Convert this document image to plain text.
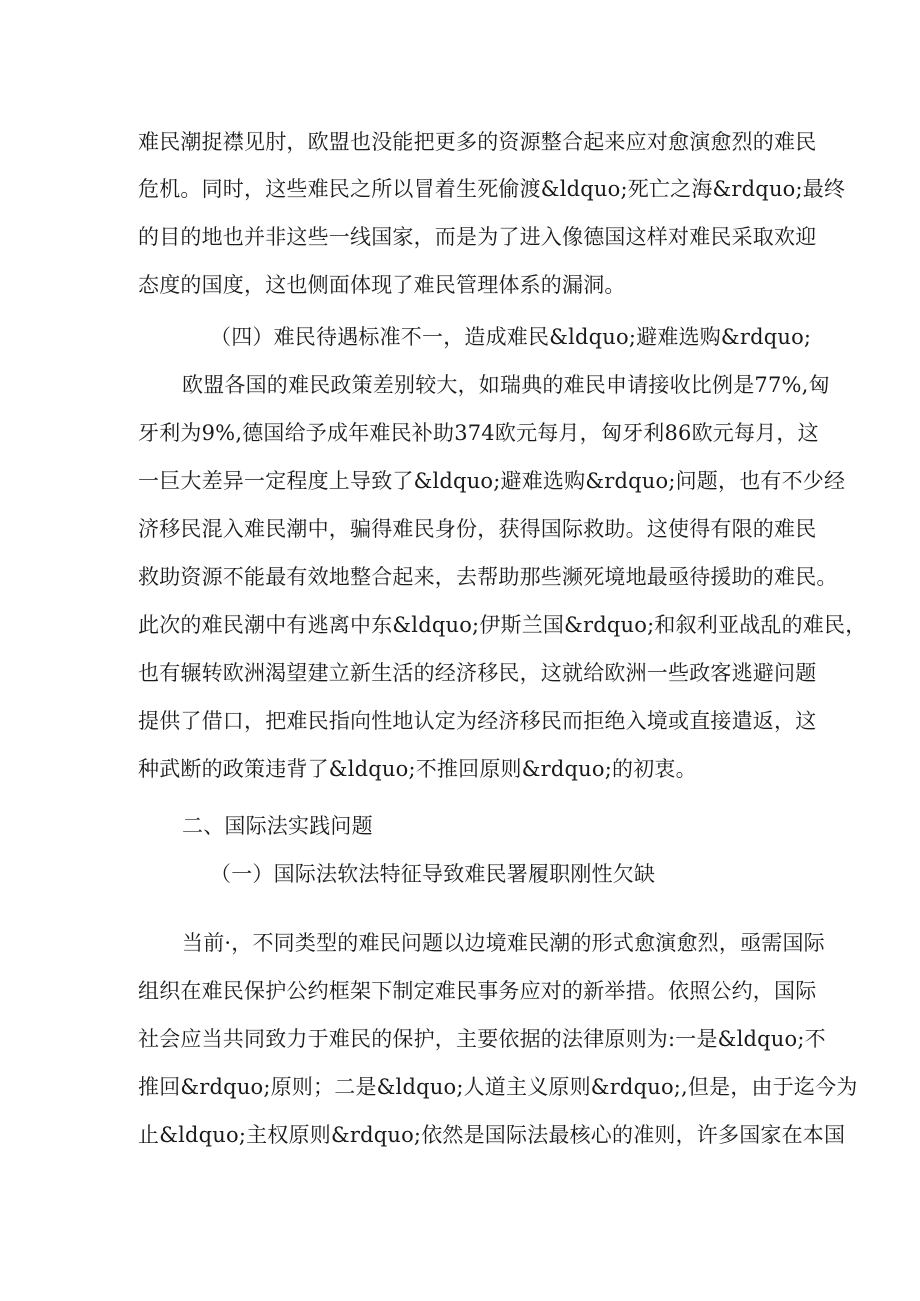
难民潮捉襟见肘，欧盟也没能把更多的资源整合起来应对愈演愈烈的难民
危机。同时，这些难民之所以冒着生死偷渡&ldquo;死亡之海&rdquo;最终
的目的地也并非这些一线国家，而是为了进入像德国这样对难民采取欢迎
态度的国度，这也侧面体现了难民管理体系的漏洞。
（四）难民待遇标准不一，造成难民&ldquo;避难选购&rdquo;
欧盟各国的难民政策差别较大，如瑞典的难民申请接收比例是77%,匈
牙利为9%,德国给予成年难民补助374欧元每月，匈牙利86欧元每月，这
一巨大差异一定程度上导致了&ldquo;避难选购&rdquo;问题，也有不少经
济移民混入难民潮中，骗得难民身份，获得国际救助。这使得有限的难民
救助资源不能最有效地整合起来，去帮助那些濒死境地最亟待援助的难民。
此次的难民潮中有逃离中东&ldquo;伊斯兰国&rdquo;和叙利亚战乱的难民，
也有辗转欧洲渴望建立新生活的经济移民，这就给欧洲一些政客逃避问题
提供了借口，把难民指向性地认定为经济移民而拒绝入境或直接遣返，这
种武断的政策违背了&ldquo;不推回原则&rdquo;的初衷。
二、国际法实践问题
（一）国际法软法特征导致难民署履职刚性欠缺
当前·，不同类型的难民问题以边境难民潮的形式愈演愈烈，亟需国际
组织在难民保护公约框架下制定难民事务应对的新举措。依照公约，国际
社会应当共同致力于难民的保护，主要依据的法律原则为:一是&ldquo;不
推回&rdquo;原则；二是&ldquo;人道主义原则&rdquo;,但是，由于迄今为
止&ldquo;主权原则&rdquo;依然是国际法最核心的准则，许多国家在本国
